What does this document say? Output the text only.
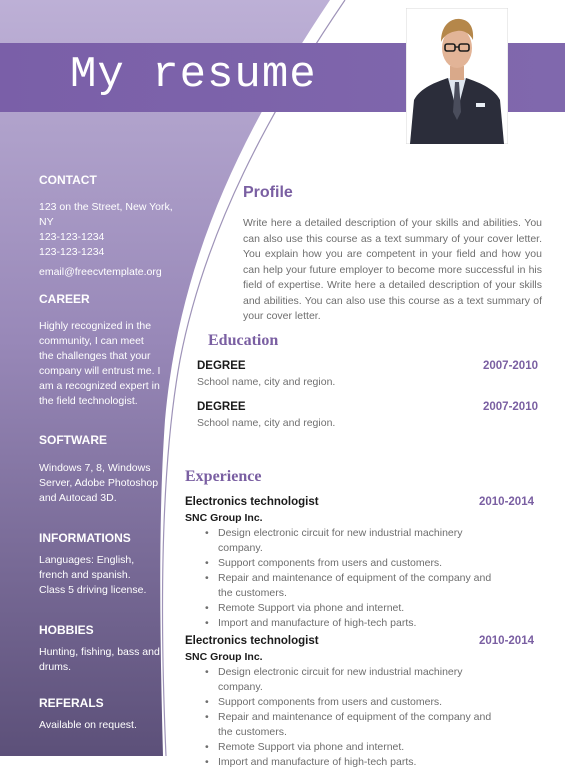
My resume
CONTACT
123 on the Street, New York,
NY
123-123-1234
123-123-1234
email@freecvtemplate.org
CAREER
Highly recognized in the
community, I can meet
the challenges that your
company will entrust me. I
am a recognized expert in
the field technologist.
SOFTWARE
Windows 7, 8, Windows
Server, Adobe Photoshop
and Autocad 3D.
INFORMATIONS
Languages: English,
french and spanish.
Class 5 driving license.
HOBBIES
Hunting, fishing, bass and
drums.
REFERALS
Available on request.
Profile
Write here a detailed description of your skills and abilities. You can also use this course as a text summary of your cover letter. You explain how you are competent in your field and how you can help your future employer to become more successful in his field of expertise. Write here a detailed description of your skills and abilities. You can also use this course as a text summary of your cover letter.
Education
DEGREE	2007-2010
School name, city and region.
DEGREE	2007-2010
School name, city and region.
Experience
Electronics technologist	2010-2014
SNC Group Inc.
• Design electronic circuit for new industrial machinery company.
• Support components from users and customers.
• Repair and maintenance of equipment of the company and the customers.
• Remote Support via phone and internet.
• Import and manufacture of high-tech parts.
Electronics technologist	2010-2014
SNC Group Inc.
• Design electronic circuit for new industrial machinery company.
• Support components from users and customers.
• Repair and maintenance of equipment of the company and the customers.
• Remote Support via phone and internet.
• Import and manufacture of high-tech parts.
